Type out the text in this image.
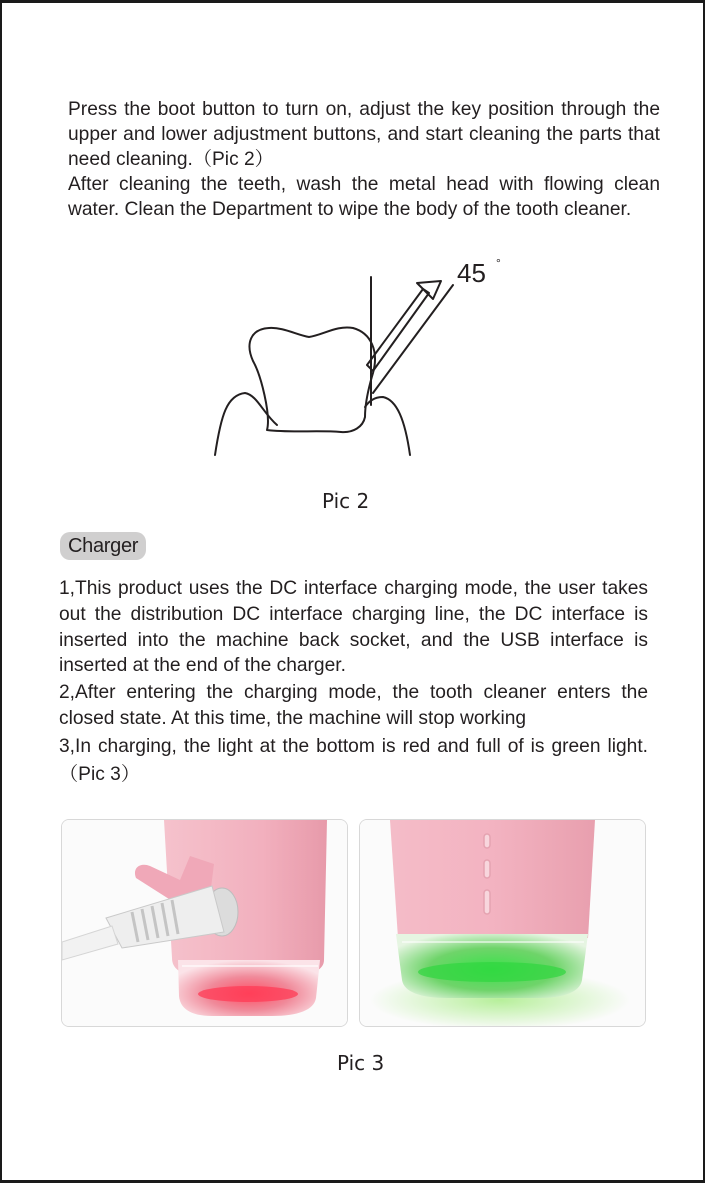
Press the boot button to turn on, adjust the key position through the upper and lower adjustment buttons, and start cleaning the parts that need cleaning.（Pic 2）

After cleaning the teeth, wash the metal head with flowing clean water. Clean the Department to wipe the body of the tooth cleaner.

45 °
Pic 2
Charger

1,This product uses the DC interface charging mode, the user takes out the distribution DC interface charging line, the DC interface is inserted into the machine back socket, and the USB interface is inserted at the end of the charger.

2,After entering the charging mode, the tooth cleaner enters the closed state. At this time, the machine will stop working

3,In charging, the light at the bottom is red and full of is green light.（Pic 3）

Pic 3
